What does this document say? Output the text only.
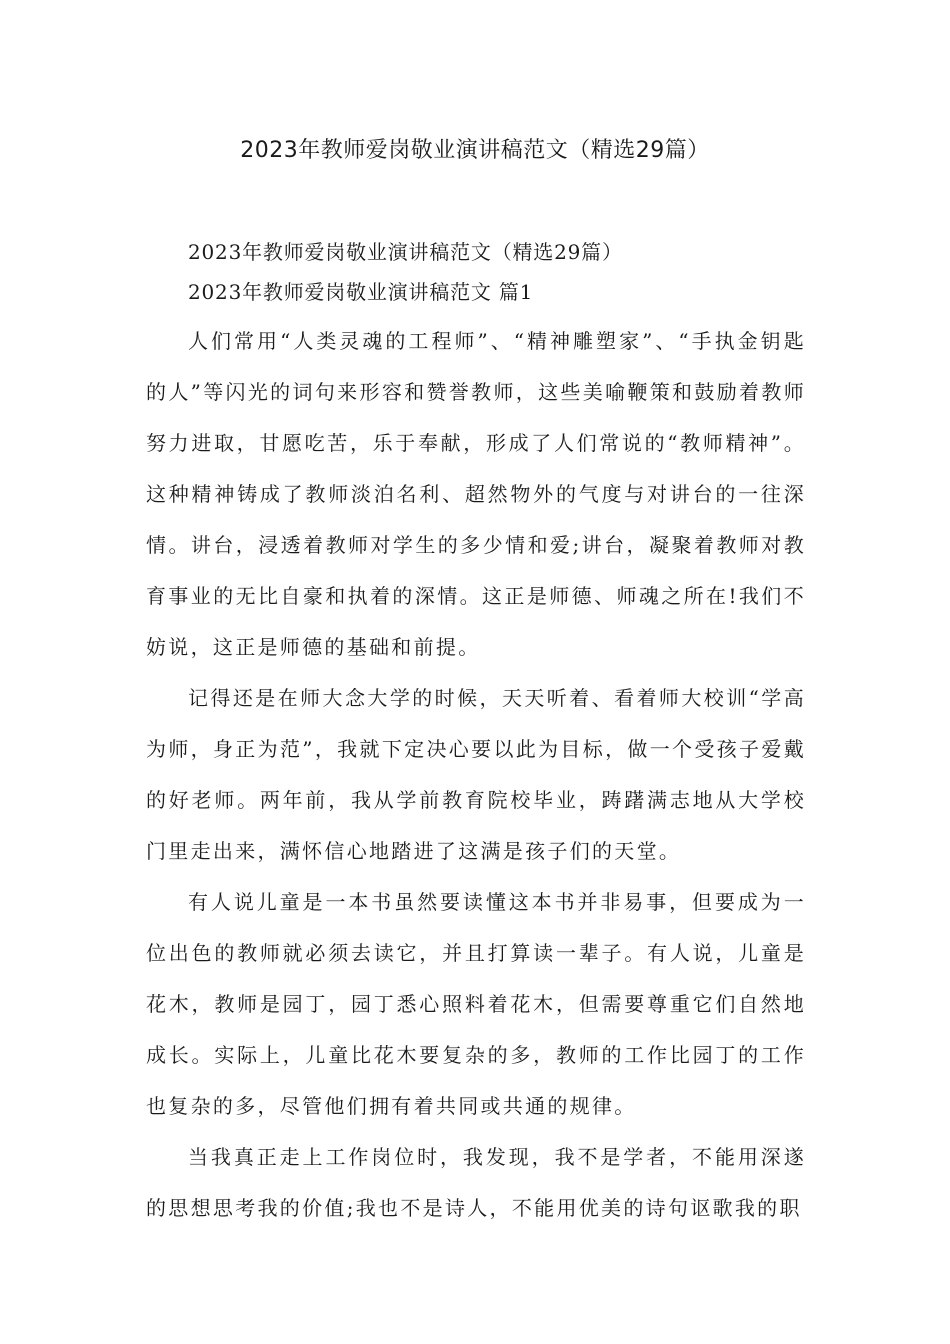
2023年教师爱岗敬业演讲稿范文（精选29篇）

2023年教师爱岗敬业演讲稿范文（精选29篇）

2023年教师爱岗敬业演讲稿范文 篇1

人们常用“人类灵魂的工程师”、“精神雕塑家”、“手执金钥匙的人”等闪光的词句来形容和赞誉教师，这些美喻鞭策和鼓励着教师努力进取，甘愿吃苦，乐于奉献，形成了人们常说的“教师精神”。这种精神铸成了教师淡泊名利、超然物外的气度与对讲台的一往深情。讲台，浸透着教师对学生的多少情和爱;讲台，凝聚着教师对教育事业的无比自豪和执着的深情。这正是师德、师魂之所在!我们不妨说，这正是师德的基础和前提。

记得还是在师大念大学的时候，天天听着、看着师大校训“学高为师，身正为范”，我就下定决心要以此为目标，做一个受孩子爱戴的好老师。两年前，我从学前教育院校毕业，踌躇满志地从大学校门里走出来，满怀信心地踏进了这满是孩子们的天堂。

有人说儿童是一本书虽然要读懂这本书并非易事，但要成为一位出色的教师就必须去读它，并且打算读一辈子。有人说，儿童是花木，教师是园丁，园丁悉心照料着花木，但需要尊重它们自然地成长。实际上，儿童比花木要复杂的多，教师的工作比园丁的工作也复杂的多，尽管他们拥有着共同或共通的规律。

当我真正走上工作岗位时，我发现，我不是学者，不能用深遂的思想思考我的价值;我也不是诗人，不能用优美的诗句讴歌我的职
